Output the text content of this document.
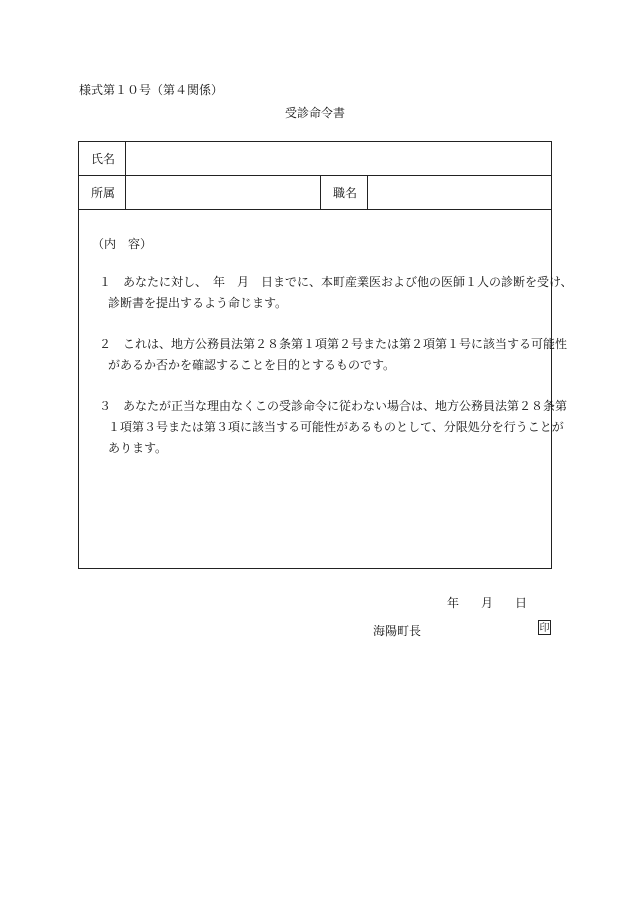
様式第１０号（第４関係）
受診命令書
氏名
所属	職名
（内　容）
１　あなたに対し、　年　月　日までに、本町産業医および他の医師１人の診断を受け、
診断書を提出するよう命じます。
２　これは、地方公務員法第２８条第１項第２号または第２項第１号に該当する可能性
があるか否かを確認することを目的とするものです。
３　あなたが正当な理由なくこの受診命令に従わない場合は、地方公務員法第２８条第
１項第３号または第３項に該当する可能性があるものとして、分限処分を行うことが
あります。
年 月 日
海陽町長	印
